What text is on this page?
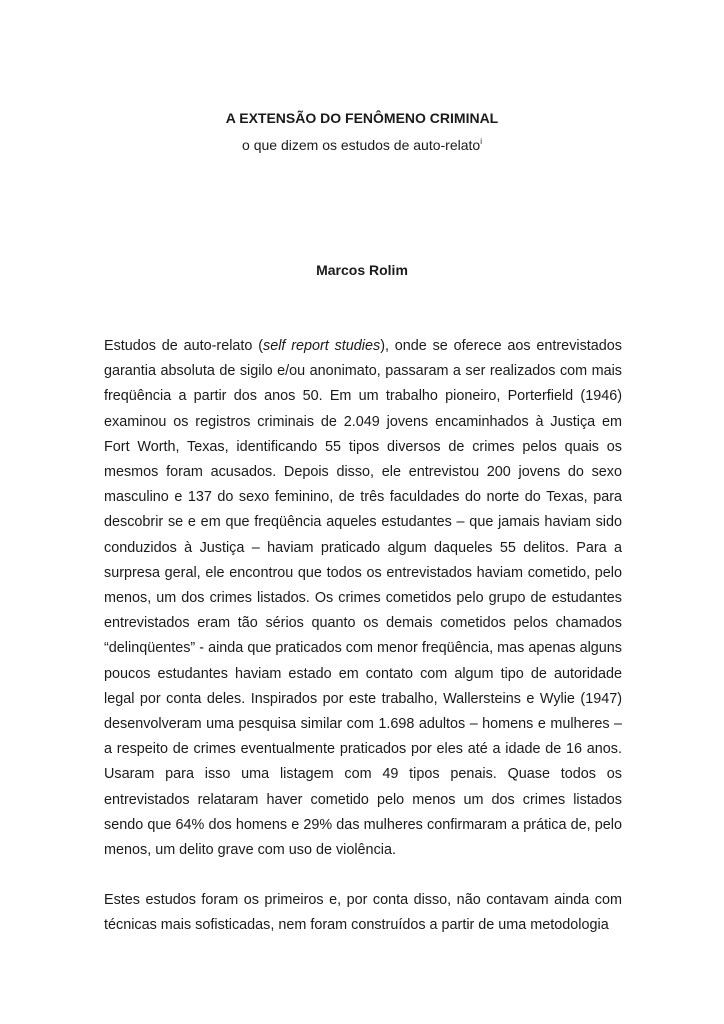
A EXTENSÃO DO FENÔMENO CRIMINAL
o que dizem os estudos de auto-relato$^i$
Marcos Rolim

Estudos de auto-relato (self report studies), onde se oferece aos entrevistados garantia absoluta de sigilo e/ou anonimato, passaram a ser realizados com mais freqüência a partir dos anos 50. Em um trabalho pioneiro, Porterfield (1946) examinou os registros criminais de 2.049 jovens encaminhados à Justiça em Fort Worth, Texas, identificando 55 tipos diversos de crimes pelos quais os mesmos foram acusados. Depois disso, ele entrevistou 200 jovens do sexo masculino e 137 do sexo feminino, de três faculdades do norte do Texas, para descobrir se e em que freqüência aqueles estudantes – que jamais haviam sido conduzidos à Justiça – haviam praticado algum daqueles 55 delitos. Para a surpresa geral, ele encontrou que todos os entrevistados haviam cometido, pelo menos, um dos crimes listados. Os crimes cometidos pelo grupo de estudantes entrevistados eram tão sérios quanto os demais cometidos pelos chamados “delinqüentes” - ainda que praticados com menor freqüência, mas apenas alguns poucos estudantes haviam estado em contato com algum tipo de autoridade legal por conta deles. Inspirados por este trabalho, Wallersteins e Wylie (1947) desenvolveram uma pesquisa similar com 1.698 adultos – homens e mulheres – a respeito de crimes eventualmente praticados por eles até a idade de 16 anos. Usaram para isso uma listagem com 49 tipos penais. Quase todos os entrevistados relataram haver cometido pelo menos um dos crimes listados sendo que 64% dos homens e 29% das mulheres confirmaram a prática de, pelo menos, um delito grave com uso de violência.

Estes estudos foram os primeiros e, por conta disso, não contavam ainda com técnicas mais sofisticadas, nem foram construídos a partir de uma metodologia
